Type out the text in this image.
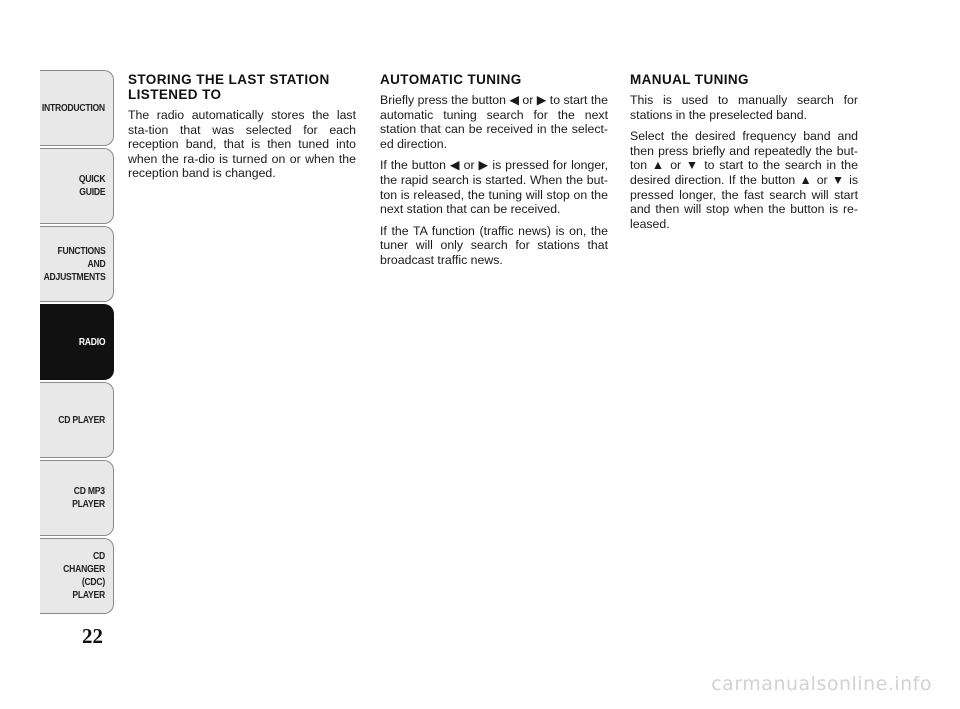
INTRODUCTION
QUICK
GUIDE
FUNCTIONS
AND
ADJUSTMENTS
RADIO
CD PLAYER
CD MP3
PLAYER
CD CHANGER
(CDC) PLAYER
22
STORING THE LAST STATION LISTENED TO

The radio automatically stores the last sta-tion that was selected for each reception band, that is then tuned into when the ra-dio is turned on or when the reception band is changed.

AUTOMATIC TUNING

Briefly press the button ◀ or ▶ to start the automatic tuning search for the next station that can be received in the select-ed direction.

If the button ◀ or ▶ is pressed for longer, the rapid search is started. When the but-ton is released, the tuning will stop on the next station that can be received.

If the TA function (traffic news) is on, the tuner will only search for stations that broadcast traffic news.

MANUAL TUNING

This is used to manually search for stations in the preselected band.

Select the desired frequency band and then press briefly and repeatedly the but-ton ▲ or ▼ to start to the search in the desired direction. If the button ▲ or ▼ is pressed longer, the fast search will start and then will stop when the button is re-leased.

carmanualsonline.info
